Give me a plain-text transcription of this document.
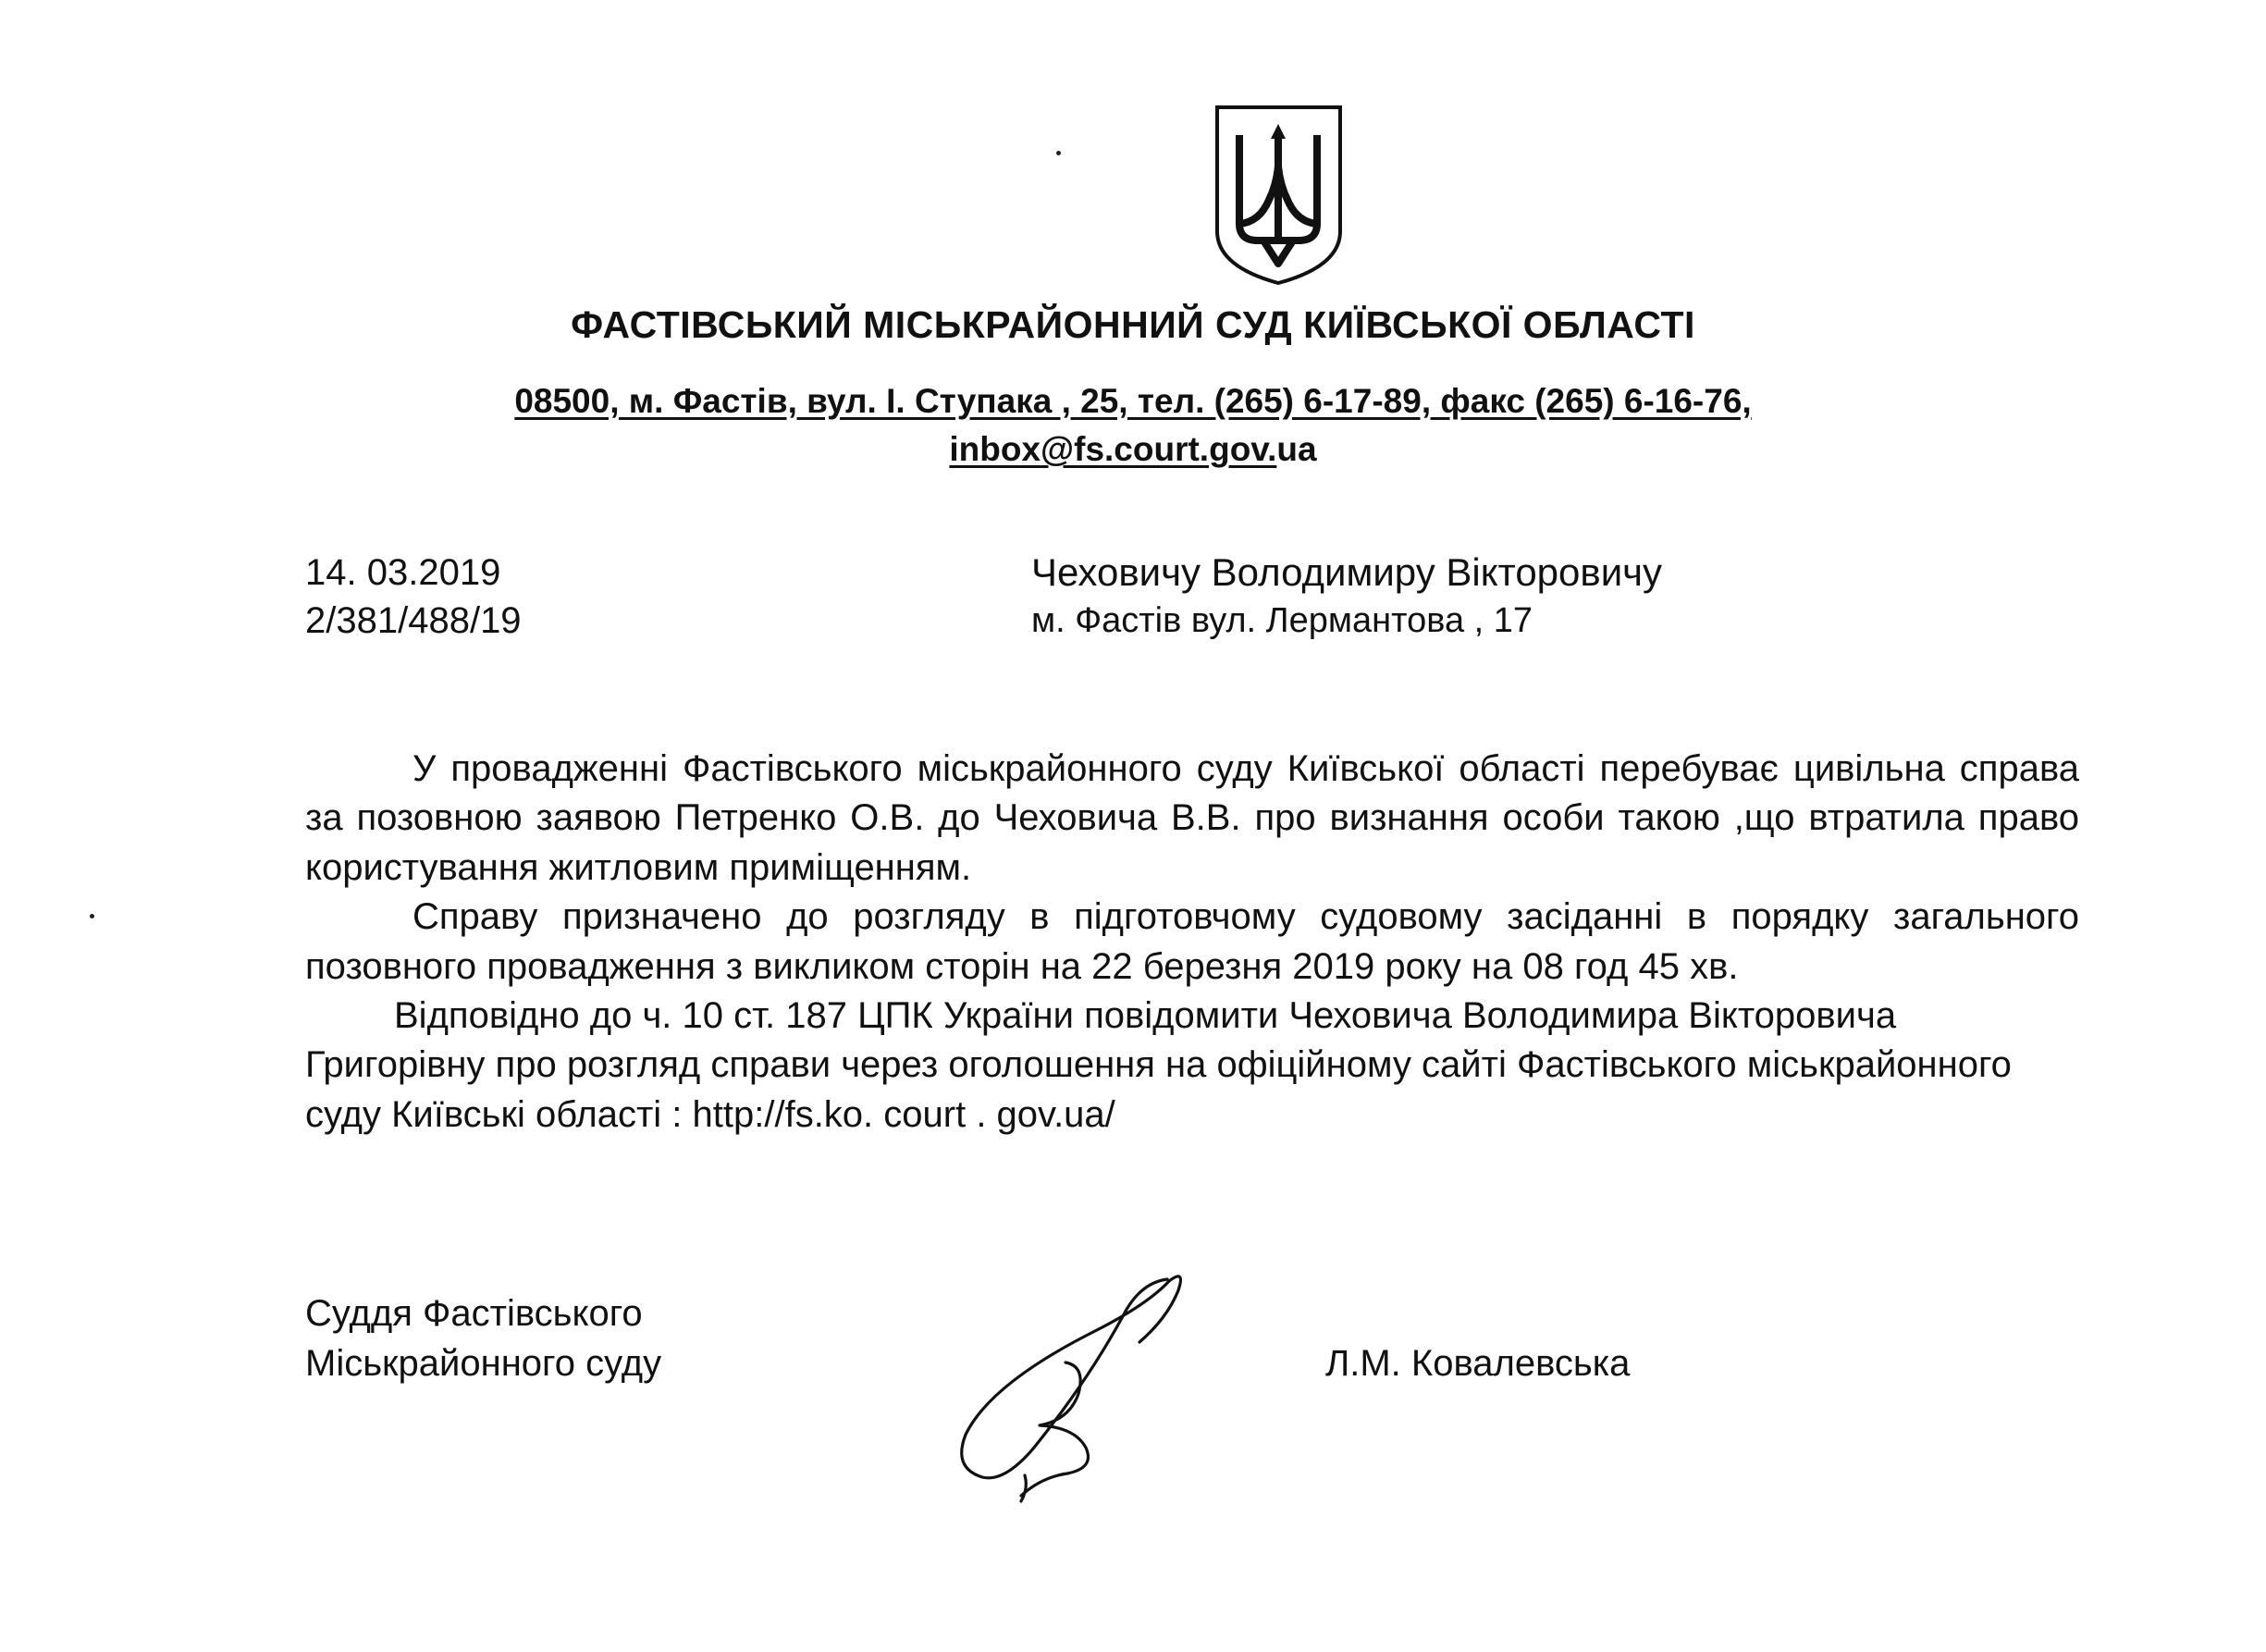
ФАСТІВСЬКИЙ МІСЬКРАЙОННИЙ СУД КИЇВСЬКОЇ ОБЛАСТІ
08500, м. Фастів, вул. І. Ступака , 25, тел. (265) 6-17-89, факс (265) 6-16-76,
inbox@fs.court.gov.ua
14. 03.2019
2/381/488/19
Чеховичу Володимиру Вікторовичу
м. Фастів вул. Лермантова , 17

У провадженні Фастівського міськрайонного суду Київської області перебуває цивільна справа за позовною заявою Петренко О.В. до Чеховича В.В. про визнання особи такою ,що втратила право користування житловим приміщенням.

Справу призначено до розгляду в підготовчому судовому засіданні в порядку загального позовного провадження з викликом сторін на 22 березня 2019 року на 08 год 45 хв.

Відповідно до ч. 10 ст. 187 ЦПК України повідомити Чеховича Володимира Вікторовича Григорівну про розгляд справи через оголошення на офіційному сайті Фастівського міськрайонного суду Київські області : http://fs.ko. court . gov.ua/

Суддя Фастівського
Міськрайонного суду	Л.М. Ковалевська
